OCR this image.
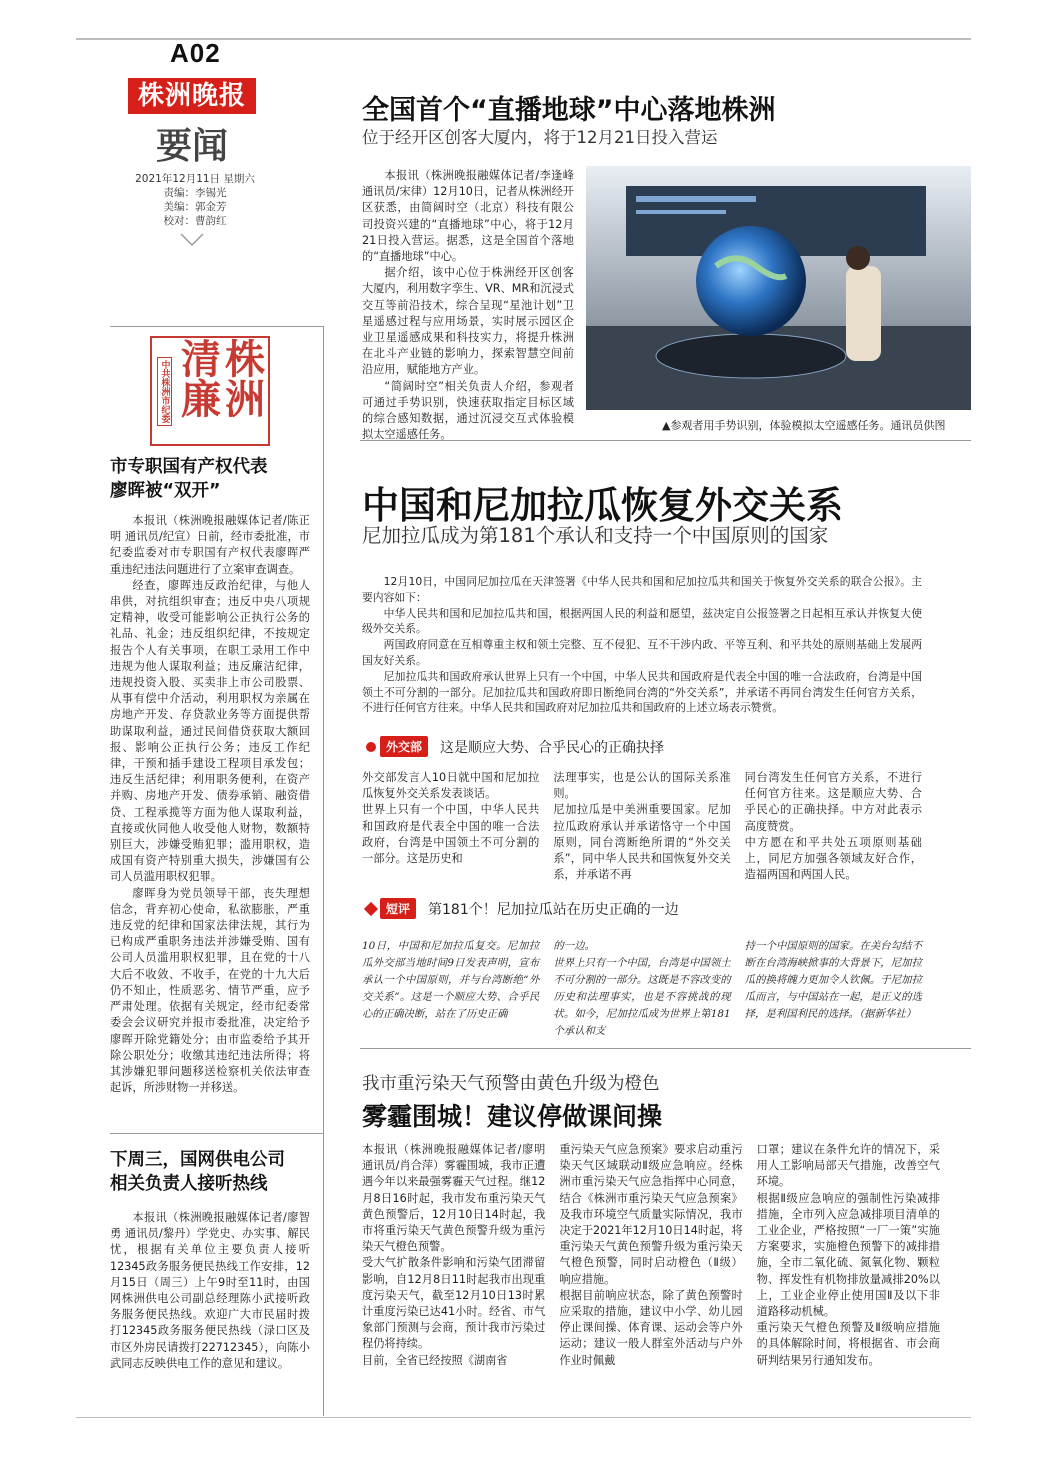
A02
株洲晚报
要闻
2021年12月11日 星期六
责编：李锡光
美编：郭金芳
校对：曹韵红
中共株洲市纪委	株洲清廉
全国首个“直播地球”中心落地株洲
位于经开区创客大厦内，将于12月21日投入营运

本报讯（株洲晚报融媒体记者/李逢峰 通讯员/宋律）12月10日，记者从株洲经开区获悉，由简阔时空（北京）科技有限公司投资兴建的“直播地球”中心，将于12月21日投入营运。据悉，这是全国首个落地的“直播地球”中心。

据介绍，该中心位于株洲经开区创客大厦内，利用数字孪生、VR、MR和沉浸式交互等前沿技术，综合呈现“星池计划”卫星遥感过程与应用场景，实时展示园区企业卫星遥感成果和科技实力，将提升株洲在北斗产业链的影响力，探索智慧空间前沿应用，赋能地方产业。

“简阔时空”相关负责人介绍，参观者可通过手势识别，快速获取指定目标区域的综合感知数据，通过沉浸交互式体验模拟太空遥感任务。

▲参观者用手势识别，体验模拟太空遥感任务。通讯员供图
市专职国有产权代表
廖晖被“双开”

本报讯（株洲晚报融媒体记者/陈正明 通讯员/纪宣）日前，经市委批准，市纪委监委对市专职国有产权代表廖晖严重违纪违法问题进行了立案审查调查。

经查，廖晖违反政治纪律，与他人串供，对抗组织审查；违反中央八项规定精神，收受可能影响公正执行公务的礼品、礼金；违反组织纪律，不按规定报告个人有关事项，在职工录用工作中违规为他人谋取利益；违反廉洁纪律，违规投资入股、买卖非上市公司股票、从事有偿中介活动，利用职权为亲属在房地产开发、存贷款业务等方面提供帮助谋取利益，通过民间借贷获取大额回报、影响公正执行公务；违反工作纪律，干预和插手建设工程项目承发包；违反生活纪律；利用职务便利，在资产并购、房地产开发、债券承销、融资借贷、工程承揽等方面为他人谋取利益，直接或伙同他人收受他人财物，数额特别巨大，涉嫌受贿犯罪；滥用职权，造成国有资产特别重大损失，涉嫌国有公司人员滥用职权犯罪。

廖晖身为党员领导干部，丧失理想信念，背弃初心使命，私欲膨胀，严重违反党的纪律和国家法律法规，其行为已构成严重职务违法并涉嫌受贿、国有公司人员滥用职权犯罪，且在党的十八大后不收敛、不收手，在党的十九大后仍不知止，性质恶劣、情节严重，应予严肃处理。依据有关规定，经市纪委常委会会议研究并报市委批准，决定给予廖晖开除党籍处分；由市监委给予其开除公职处分；收缴其违纪违法所得；将其涉嫌犯罪问题移送检察机关依法审查起诉，所涉财物一并移送。

下周三，国网供电公司
相关负责人接听热线

本报讯（株洲晚报融媒体记者/廖智勇 通讯员/黎丹）学党史、办实事、解民忧，根据有关单位主要负责人接听12345政务服务便民热线工作安排，12月15日（周三）上午9时至11时，由国网株洲供电公司副总经理陈小武接听政务服务便民热线。欢迎广大市民届时拨打12345政务服务便民热线（渌口区及市区外房民请拨打22712345），向陈小武同志反映供电工作的意见和建议。

中国和尼加拉瓜恢复外交关系
尼加拉瓜成为第181个承认和支持一个中国原则的国家

12月10日，中国同尼加拉瓜在天津签署《中华人民共和国和尼加拉瓜共和国关于恢复外交关系的联合公报》。主要内容如下：

中华人民共和国和尼加拉瓜共和国，根据两国人民的利益和愿望，兹决定自公报签署之日起相互承认并恢复大使级外交关系。

两国政府同意在互相尊重主权和领土完整、互不侵犯、互不干涉内政、平等互利、和平共处的原则基础上发展两国友好关系。

尼加拉瓜共和国政府承认世界上只有一个中国，中华人民共和国政府是代表全中国的唯一合法政府，台湾是中国领土不可分割的一部分。尼加拉瓜共和国政府即日断绝同台湾的“外交关系”，并承诺不再同台湾发生任何官方关系，不进行任何官方往来。中华人民共和国政府对尼加拉瓜共和国政府的上述立场表示赞赏。

外交部	这是顺应大势、合乎民心的正确抉择
外交部发言人10日就中国和尼加拉瓜恢复外交关系发表谈话。
世界上只有一个中国，中华人民共和国政府是代表全中国的唯一合法政府，台湾是中国领土不可分割的一部分。这是历史和
法理事实，也是公认的国际关系准则。
尼加拉瓜是中美洲重要国家。尼加拉瓜政府承认并承诺恪守一个中国原则，同台湾断绝所谓的“外交关系”，同中华人民共和国恢复外交关系，并承诺不再
同台湾发生任何官方关系，不进行任何官方往来。这是顺应大势、合乎民心的正确抉择。中方对此表示高度赞赏。
中方愿在和平共处五项原则基础上，同尼方加强各领域友好合作，造福两国和两国人民。
短评	第181个！尼加拉瓜站在历史正确的一边
10日，中国和尼加拉瓜复交。尼加拉瓜外交部当地时间9日发表声明，宣布承认一个中国原则，并与台湾断绝“外交关系”。这是一个顺应大势、合乎民心的正确决断，站在了历史正确
的一边。
世界上只有一个中国，台湾是中国领土不可分割的一部分。这既是不容改变的历史和法理事实，也是不容挑战的现状。如今，尼加拉瓜成为世界上第181个承认和支
持一个中国原则的国家。在美台勾结不断在台湾海峡掀事的大背景下，尼加拉瓜的换将魄力更加令人钦佩。于尼加拉瓜而言，与中国站在一起，是正义的选择，是利国利民的选择。（据新华社）
我市重污染天气预警由黄色升级为橙色
雾霾围城！建议停做课间操
本报讯（株洲晚报融媒体记者/廖明 通讯员/肖合萍）雾霾围城，我市正遭遇今年以来最强雾霾天气过程。继12月8日16时起，我市发布重污染天气黄色预警后，12月10日14时起，我市将重污染天气黄色预警升级为重污染天气橙色预警。
受大气扩散条件影响和污染气团滞留影响，自12月8日11时起我市出现重度污染天气，截至12月10日13时累计重度污染已达41小时。经省、市气象部门预测与会商，预计我市污染过程仍将持续。
目前，全省已经按照《湖南省
重污染天气应急预案》要求启动重污染天气区域联动Ⅱ级应急响应。经株洲市重污染天气应急指挥中心同意，结合《株洲市重污染天气应急预案》及我市环境空气质量实际情况，我市决定于2021年12月10日14时起，将重污染天气黄色预警升级为重污染天气橙色预警，同时启动橙色（Ⅱ级）响应措施。
根据目前响应状态，除了黄色预警时应采取的措施，建议中小学、幼儿园停止课间操、体育课、运动会等户外运动；建议一般人群室外活动与户外作业时佩戴
口罩；建议在条件允许的情况下，采用人工影响局部天气措施，改善空气环境。
根据Ⅱ级应急响应的强制性污染减排措施，全市列入应急减排项目清单的工业企业，严格按照“一厂一策”实施方案要求，实施橙色预警下的减排措施，全市二氧化硫、氮氧化物、颗粒物、挥发性有机物排放量减排20%以上，工业企业停止使用国Ⅱ及以下非道路移动机械。
重污染天气橙色预警及Ⅱ级响应措施的具体解除时间，将根据省、市会商研判结果另行通知发布。
